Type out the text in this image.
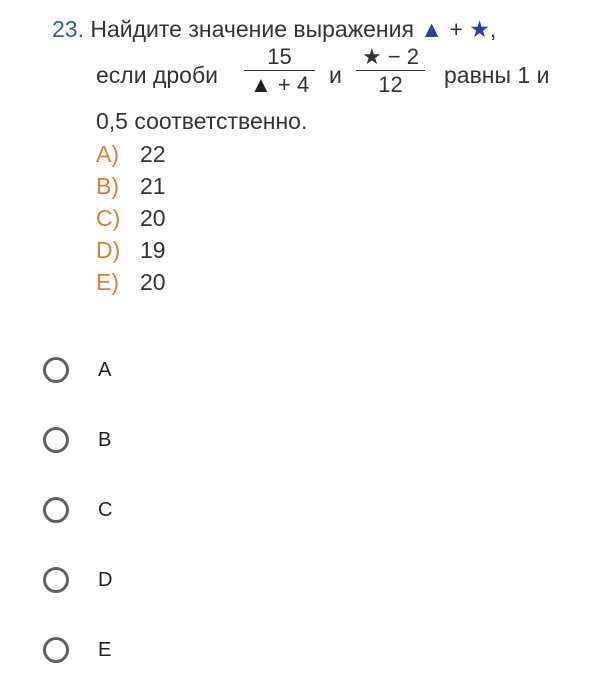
23. Найдите значение выражения ▲ + ★,
если дроби $\frac{15}{▲ + 4}$ и $\frac{★ - 2}{12}$ равны 1 и
0,5 соответственно.
A) 22
B) 21
C) 20
D) 19
E) 20
A
B
C
D
E
